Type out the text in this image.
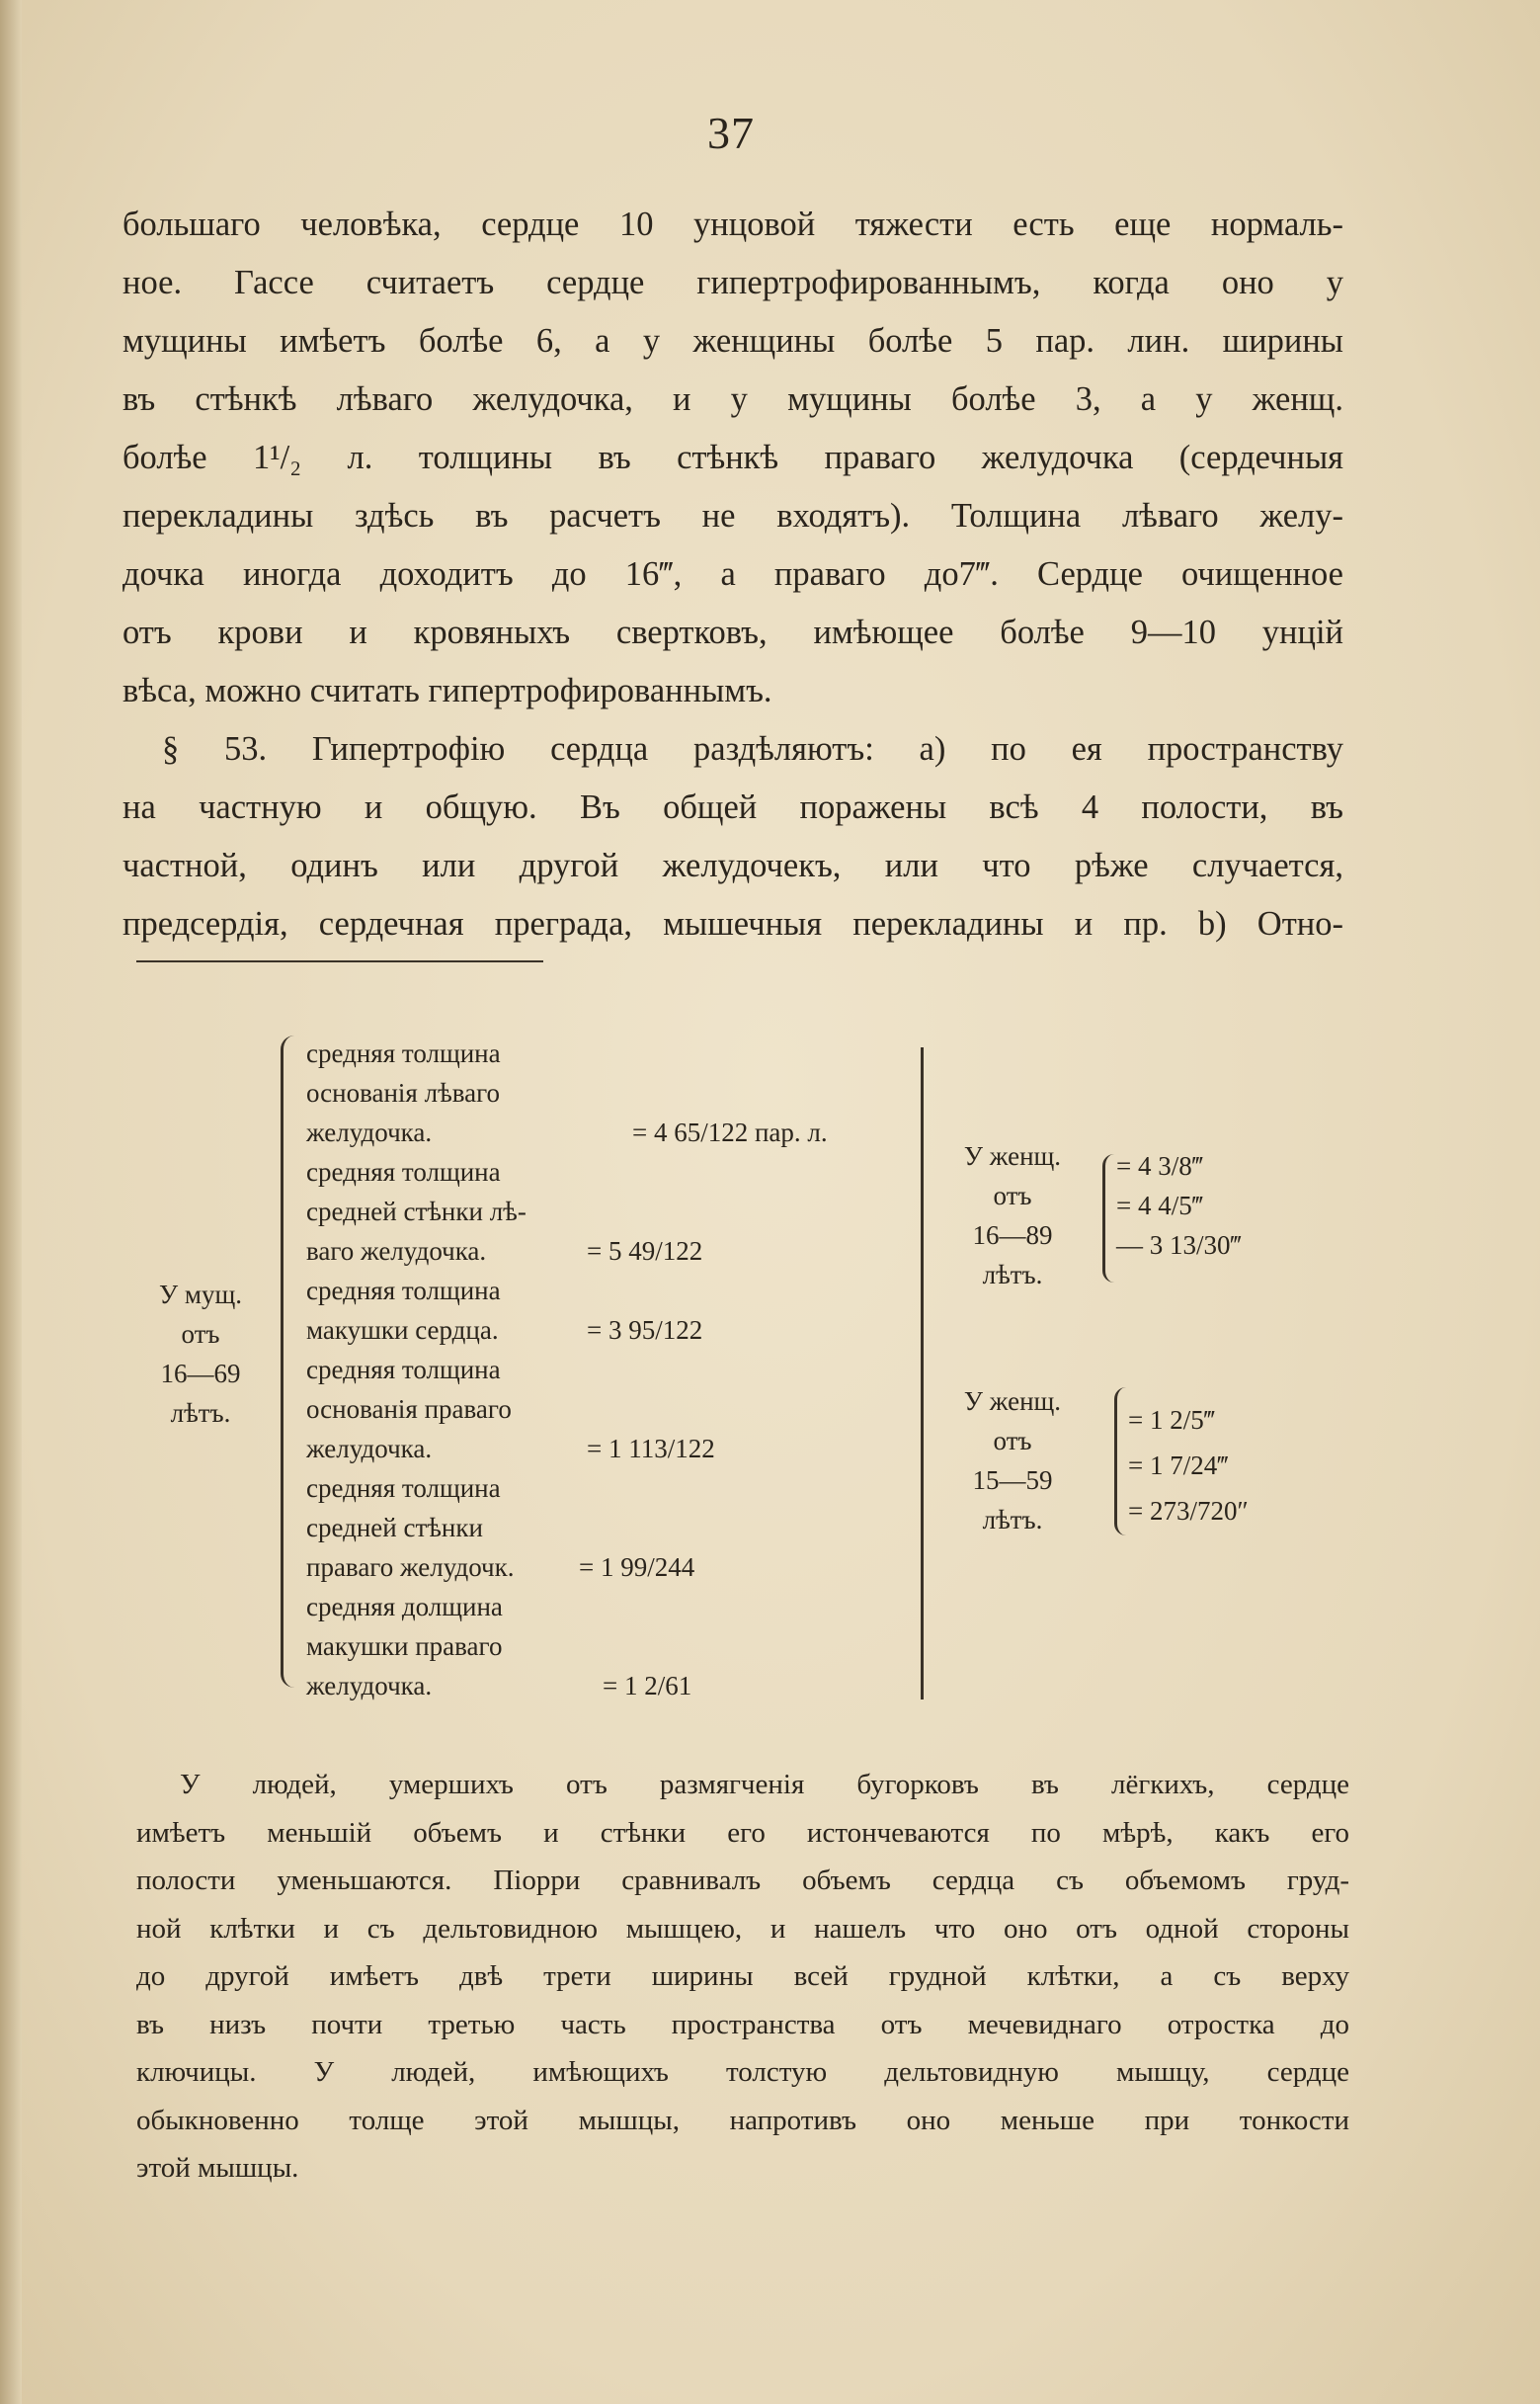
37
большаго человѣка, сердце 10 унцовой тяжести есть еще нормаль-
ное. Гассе считаетъ сердце гипертрофированнымъ, когда оно у
мущины имѣетъ болѣе 6, а у женщины болѣе 5 пар. лин. ширины
въ стѣнкѣ лѣваго желудочка, и у мущины болѣе 3, а у женщ.
болѣе 1¹/₂ л. толщины въ стѣнкѣ праваго желудочка (сердечныя
перекладины здѣсь въ расчетъ не входятъ). Толщина лѣваго желу-
дочка иногда доходитъ до 16‴, а праваго до7‴. Сердце очищенное
отъ крови и кровяныхъ свертковъ, имѣющее болѣе 9—10 унцій
вѣса, можно считать гипертрофированнымъ.
§ 53. Гипертрофію сердца раздѣляютъ: а) по ея пространству
на частную и общую. Въ общей поражены всѣ 4 полости, въ
частной, одинъ или другой желудочекъ, или что рѣже случается,
предсердія, сердечная преграда, мышечныя перекладины и пр. b) Отно-
У мущ.
отъ
16—69
лѣтъ.
средняя толщина
основанія лѣваго
желудочка.	= 4 65/122 пар. л.
средняя толщина
средней стѣнки лѣ-
ваго желудочка.	= 5 49/122
средняя толщина
макушки сердца.	= 3 95/122
средняя толщина
основанія праваго
желудочка.	= 1 113/122
средняя толщина
средней стѣнки
праваго желудочк.	= 1 99/244
средняя долщина
макушки праваго
желудочка.	= 1 2/61
У женщ.
отъ
16—89
лѣтъ.
= 4 3/8‴
= 4 4/5‴
— 3 13/30‴
У женщ.
отъ
15—59
лѣтъ.
= 1 2/5‴
= 1 7/24‴
= 273/720″
У людей, умершихъ отъ размягченія бугорковъ въ лёгкихъ, сердце
имѣетъ меньшій объемъ и стѣнки его истончеваются по мѣрѣ, какъ его
полости уменьшаются. Піорри сравнивалъ объемъ сердца съ объемомъ груд-
ной клѣтки и съ дельтовидною мышцею, и нашелъ что оно отъ одной стороны
до другой имѣетъ двѣ трети ширины всей грудной клѣтки, а съ верху
въ низъ почти третью часть пространства отъ мечевиднаго отростка до
ключицы. У людей, имѣющихъ толстую дельтовидную мышцу, сердце
обыкновенно толще этой мышцы, напротивъ оно меньше при тонкости
этой мышцы.
